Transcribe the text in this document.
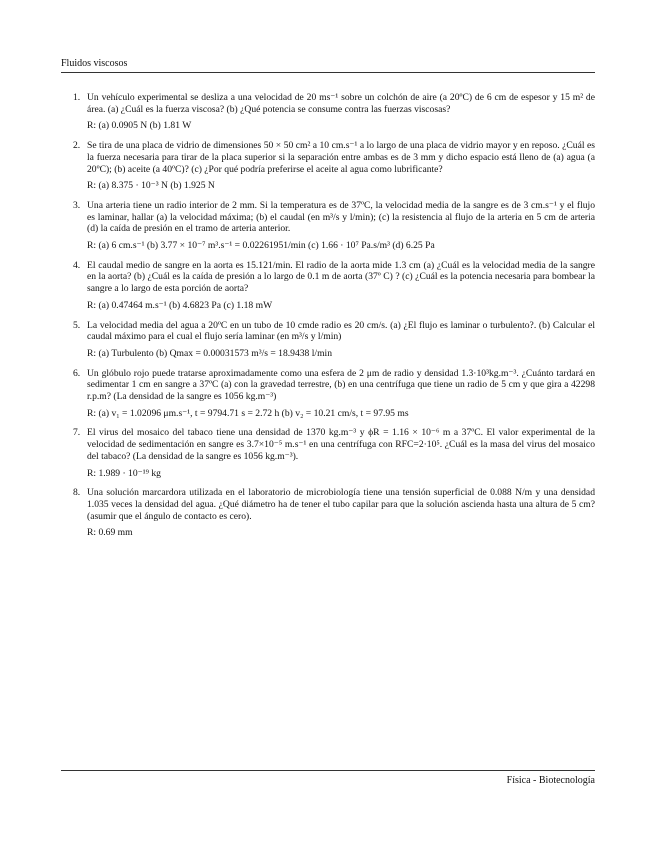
Fluidos viscosos
1. Un vehículo experimental se desliza a una velocidad de 20 ms⁻¹ sobre un colchón de aire (a 20ºC) de 6 cm de espesor y 15 m² de área. (a) ¿Cuál es la fuerza viscosa? (b) ¿Qué potencia se consume contra las fuerzas viscosas?
R: (a) 0.0905 N (b) 1.81 W
2. Se tira de una placa de vidrio de dimensiones 50 × 50 cm² a 10 cm.s⁻¹ a lo largo de una placa de vidrio mayor y en reposo. ¿Cuál es la fuerza necesaria para tirar de la placa superior si la separación entre ambas es de 3 mm y dicho espacio está lleno de (a) agua (a 20ºC); (b) aceite (a 40ºC)? (c) ¿Por qué podría preferirse el aceite al agua como lubrificante?
R: (a) 8.375 · 10⁻³ N (b) 1.925 N
3. Una arteria tiene un radio interior de 2 mm. Si la temperatura es de 37ºC, la velocidad media de la sangre es de 3 cm.s⁻¹ y el flujo es laminar, hallar (a) la velocidad máxima; (b) el caudal (en m³/s y l/min); (c) la resistencia al flujo de la arteria en 5 cm de arteria (d) la caída de presión en el tramo de arteria anterior.
R: (a) 6 cm.s⁻¹ (b) 3.77 × 10⁻⁷ m³.s⁻¹ = 0.02261951/min (c) 1.66 · 10⁷ Pa.s/m³ (d) 6.25 Pa
4. El caudal medio de sangre en la aorta es 15.121/min. El radio de la aorta mide 1.3 cm (a) ¿Cuál es la velocidad media de la sangre en la aorta? (b) ¿Cuál es la caída de presión a lo largo de 0.1 m de aorta (37º C) ? (c) ¿Cuál es la potencia necesaria para bombear la sangre a lo largo de esta porción de aorta?
R: (a) 0.47464 m.s⁻¹ (b) 4.6823 Pa (c) 1.18 mW
5. La velocidad media del agua a 20ºC en un tubo de 10 cmde radio es 20 cm/s. (a) ¿El flujo es laminar o turbulento?. (b) Calcular el caudal máximo para el cual el flujo sería laminar (en m³/s y l/min)
R: (a) Turbulento (b) Qmax = 0.00031573 m³/s = 18.9438 l/min
6. Un glóbulo rojo puede tratarse aproximadamente como una esfera de 2 μm de radio y densidad 1.3·10³kg.m⁻³. ¿Cuánto tardará en sedimentar 1 cm en sangre a 37ºC (a) con la gravedad terrestre, (b) en una centrífuga que tiene un radio de 5 cm y que gira a 42298 r.p.m? (La densidad de la sangre es 1056 kg.m⁻³)
R: (a) v₁ = 1.02096 μm.s⁻¹, t = 9794.71 s = 2.72 h (b) v₂ = 10.21 cm/s, t = 97.95 ms
7. El virus del mosaico del tabaco tiene una densidad de 1370 kg.m⁻³ y ϕR = 1.16 × 10⁻⁶ m a 37ºC. El valor experimental de la velocidad de sedimentación en sangre es 3.7×10⁻⁵ m.s⁻¹ en una centrífuga con RFC=2·10⁵. ¿Cuál es la masa del virus del mosaico del tabaco? (La densidad de la sangre es 1056 kg.m⁻³).
R: 1.989 · 10⁻¹⁹ kg
8. Una solución marcardora utilizada en el laboratorio de microbiología tiene una tensión superficial de 0.088 N/m y una densidad 1.035 veces la densidad del agua. ¿Qué diámetro ha de tener el tubo capilar para que la solución ascienda hasta una altura de 5 cm? (asumir que el ángulo de contacto es cero).
R: 0.69 mm
Física - Biotecnología
